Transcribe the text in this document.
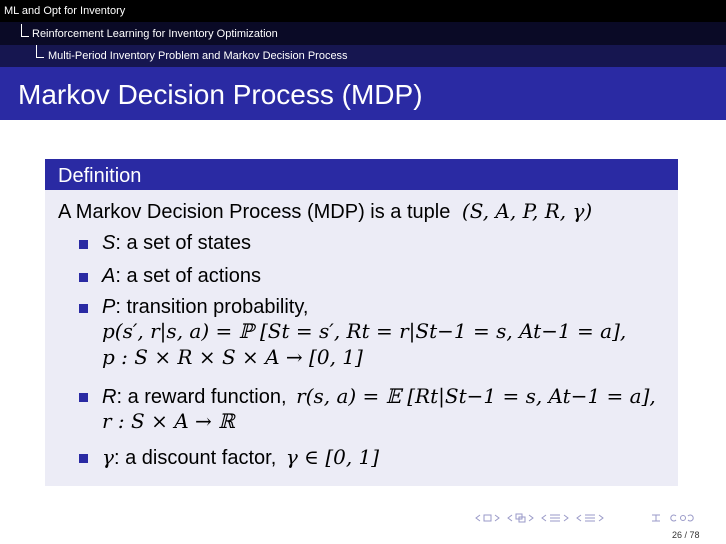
ML and Opt for Inventory
Reinforcement Learning for Inventory Optimization
Multi-Period Inventory Problem and Markov Decision Process
Markov Decision Process (MDP)
Definition
A Markov Decision Process (MDP) is a tuple (S, A, P, R, γ)
S: a set of states
A: a set of actions
P: transition probability,
p(s′, r|s, a) = ℙ [St = s′, Rt = r|St−1 = s, At−1 = a],
p : S × R × S × A → [0, 1]
R: a reward function, r(s, a) = 𝔼 [Rt|St−1 = s, At−1 = a],
r : S × A → ℝ
γ: a discount factor, γ ∈ [0, 1]
26 / 78
